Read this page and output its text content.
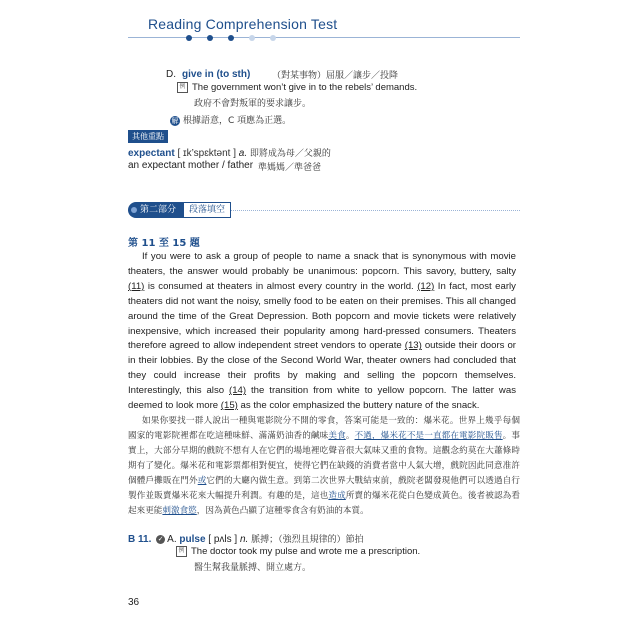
Reading Comprehension Test
D. give in (to sth) （對某事物）屈服／讓步／投降
例 The government won’t give in to the rebels’ demands.
政府不會對叛軍的要求讓步。
解 根據語意，C 項應為正選。
其他重點
expectant [ ɪk’spɛktənt ] a. 即將成為母／父親的
an expectant mother / father 準媽媽／準爸爸
第二部分	段落填空
第 11 至 15 題

If you were to ask a group of people to name a snack that is synonymous with movie theaters, the answer would probably be unanimous: popcorn. This savory, buttery, salty (11) is consumed at theaters in almost every country in the world. (12) In fact, most early theaters did not want the noisy, smelly food to be eaten on their premises. This all changed around the time of the Great Depression. Both popcorn and movie tickets were relatively inexpensive, which increased their popularity among hard-pressed consumers. Theaters therefore agreed to allow independent street vendors to operate (13) outside their doors or in their lobbies. By the close of the Second World War, theater owners had concluded that they could increase their profits by making and selling the popcorn themselves. Interestingly, this also (14) the transition from white to yellow popcorn. The latter was deemed to look more (15) as the color emphasized the buttery nature of the snack.

如果你要找一群人說出一種與電影院分不開的零食，答案可能是一致的：爆米花。世界上幾乎每個國家的電影院裡都在吃這種味鮮、滿滿奶油香的鹹味美食。不過，爆米花不是一直都在電影院販售。事實上，大部分早期的戲院不想有人在它們的場地裡吃聲音很大氣味又重的食物。這觀念約莫在大蕭條時期有了變化。爆米花和電影票都相對便宜，使得它們在缺錢的消費者當中人氣大增，戲院因此同意准許個體戶攤販在門外或它們的大廳內做生意。到第二次世界大戰結束前，戲院老闆發現他們可以透過自行製作並販賣爆米花來大幅提升利潤。有趣的是，這也造成所賣的爆米花從白色變成黃色。後者被認為看起來更能刺激食慾，因為黃色凸顯了這種零食含有奶油的本質。

B 11. ✓ A. pulse [ pʌls ] n. 脈搏；（強烈且規律的）節拍
例 The doctor took my pulse and wrote me a prescription.
醫生幫我量脈搏、開立處方。
36
